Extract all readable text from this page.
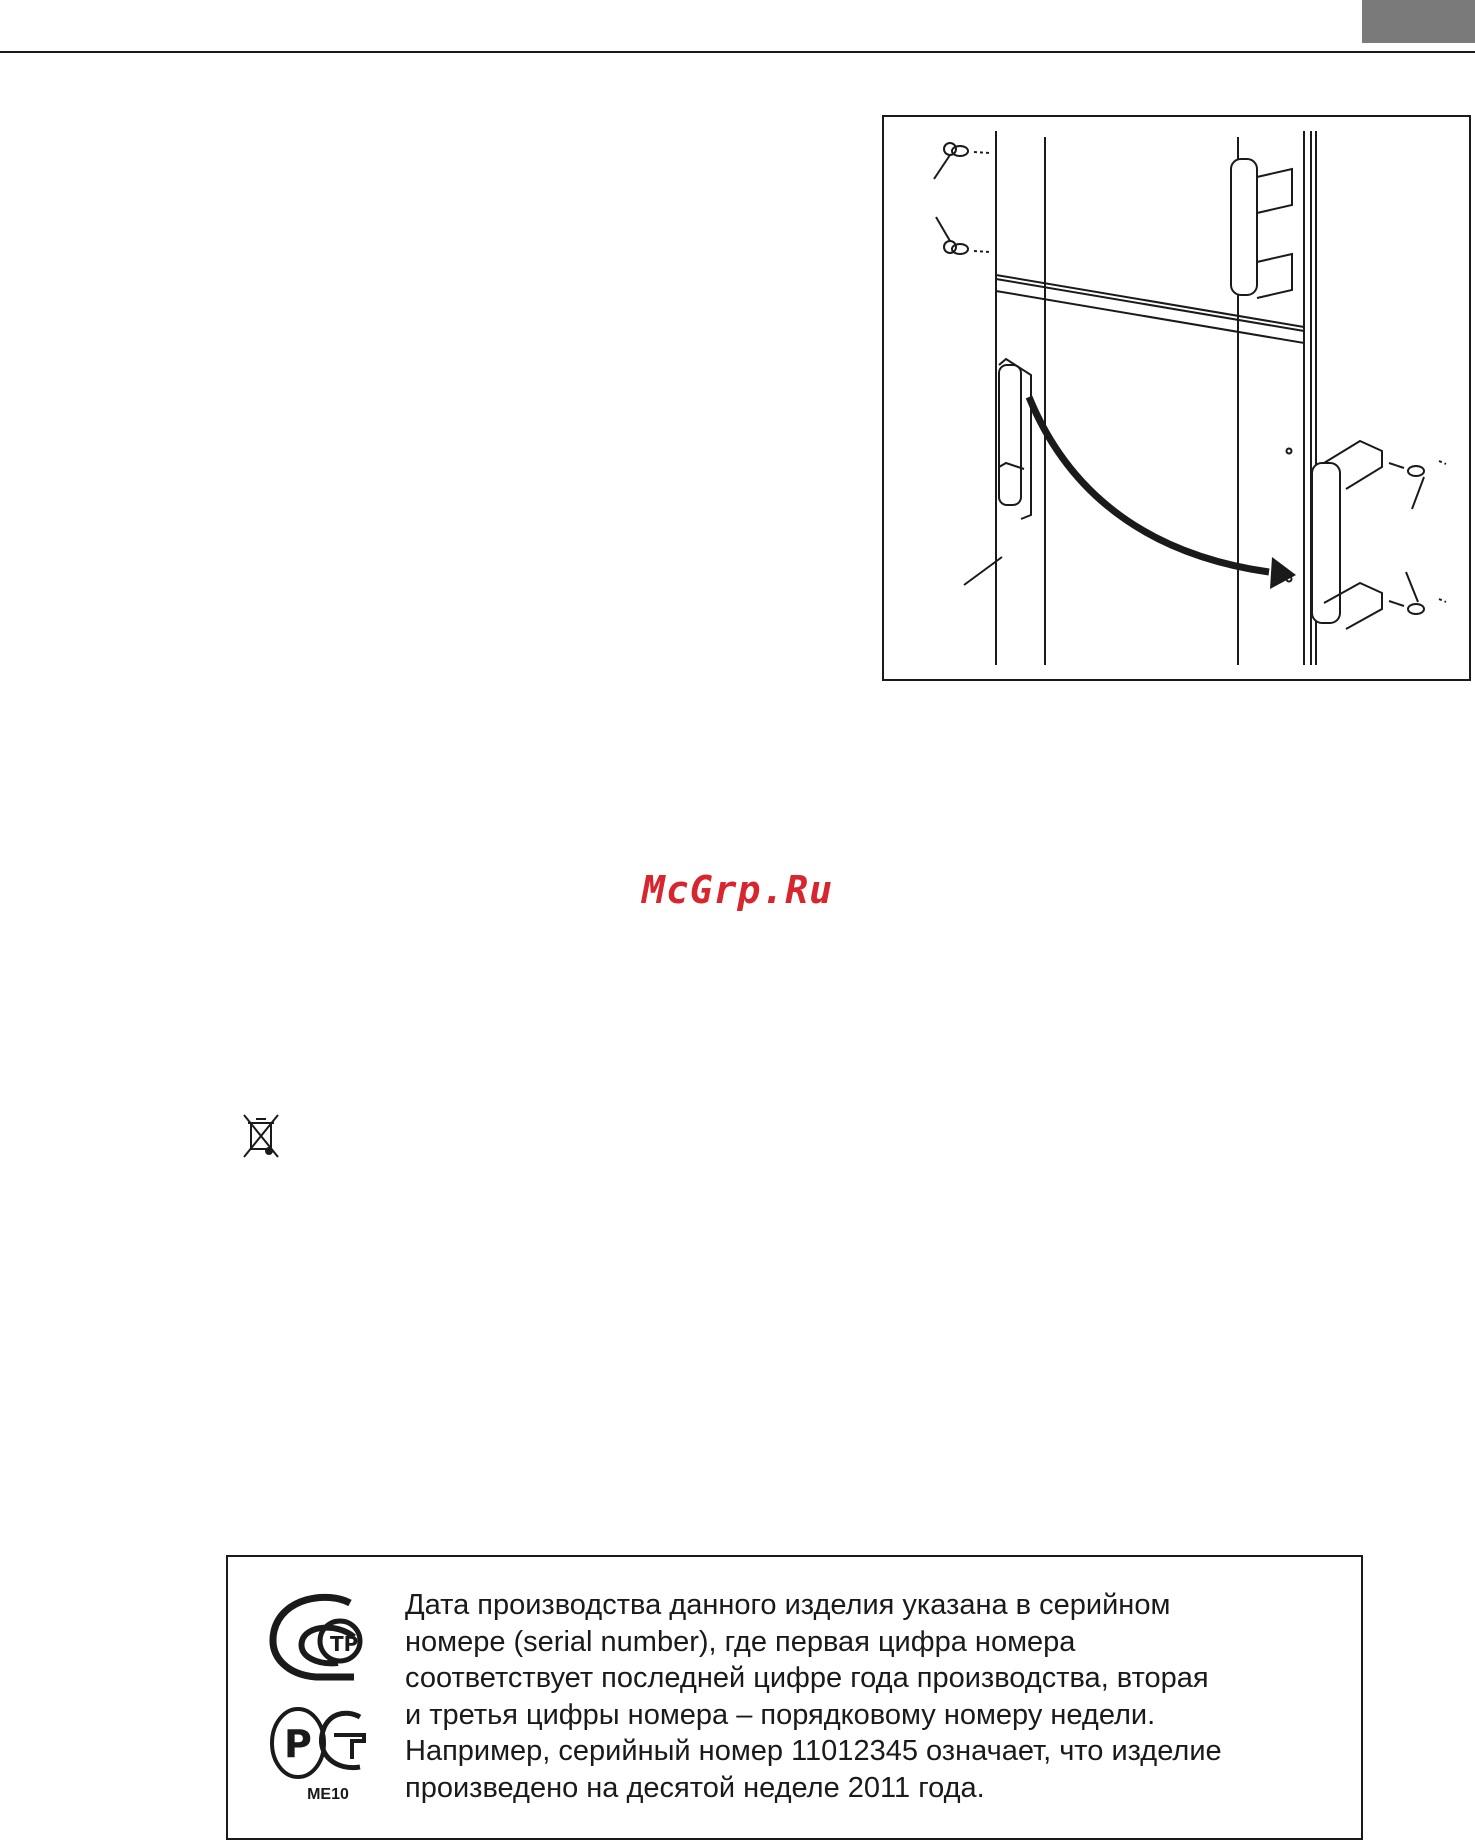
McGrp.Ru
ТР
Р
ME10
Дата производства данного изделия указана в серийном
номере (serial number), где первая цифра номера
соответствует последней цифре года производства, вторая
и третья цифры номера – порядковому номеру недели.
Например, серийный номер 11012345 означает, что изделие
произведено на десятой неделе 2011 года.
